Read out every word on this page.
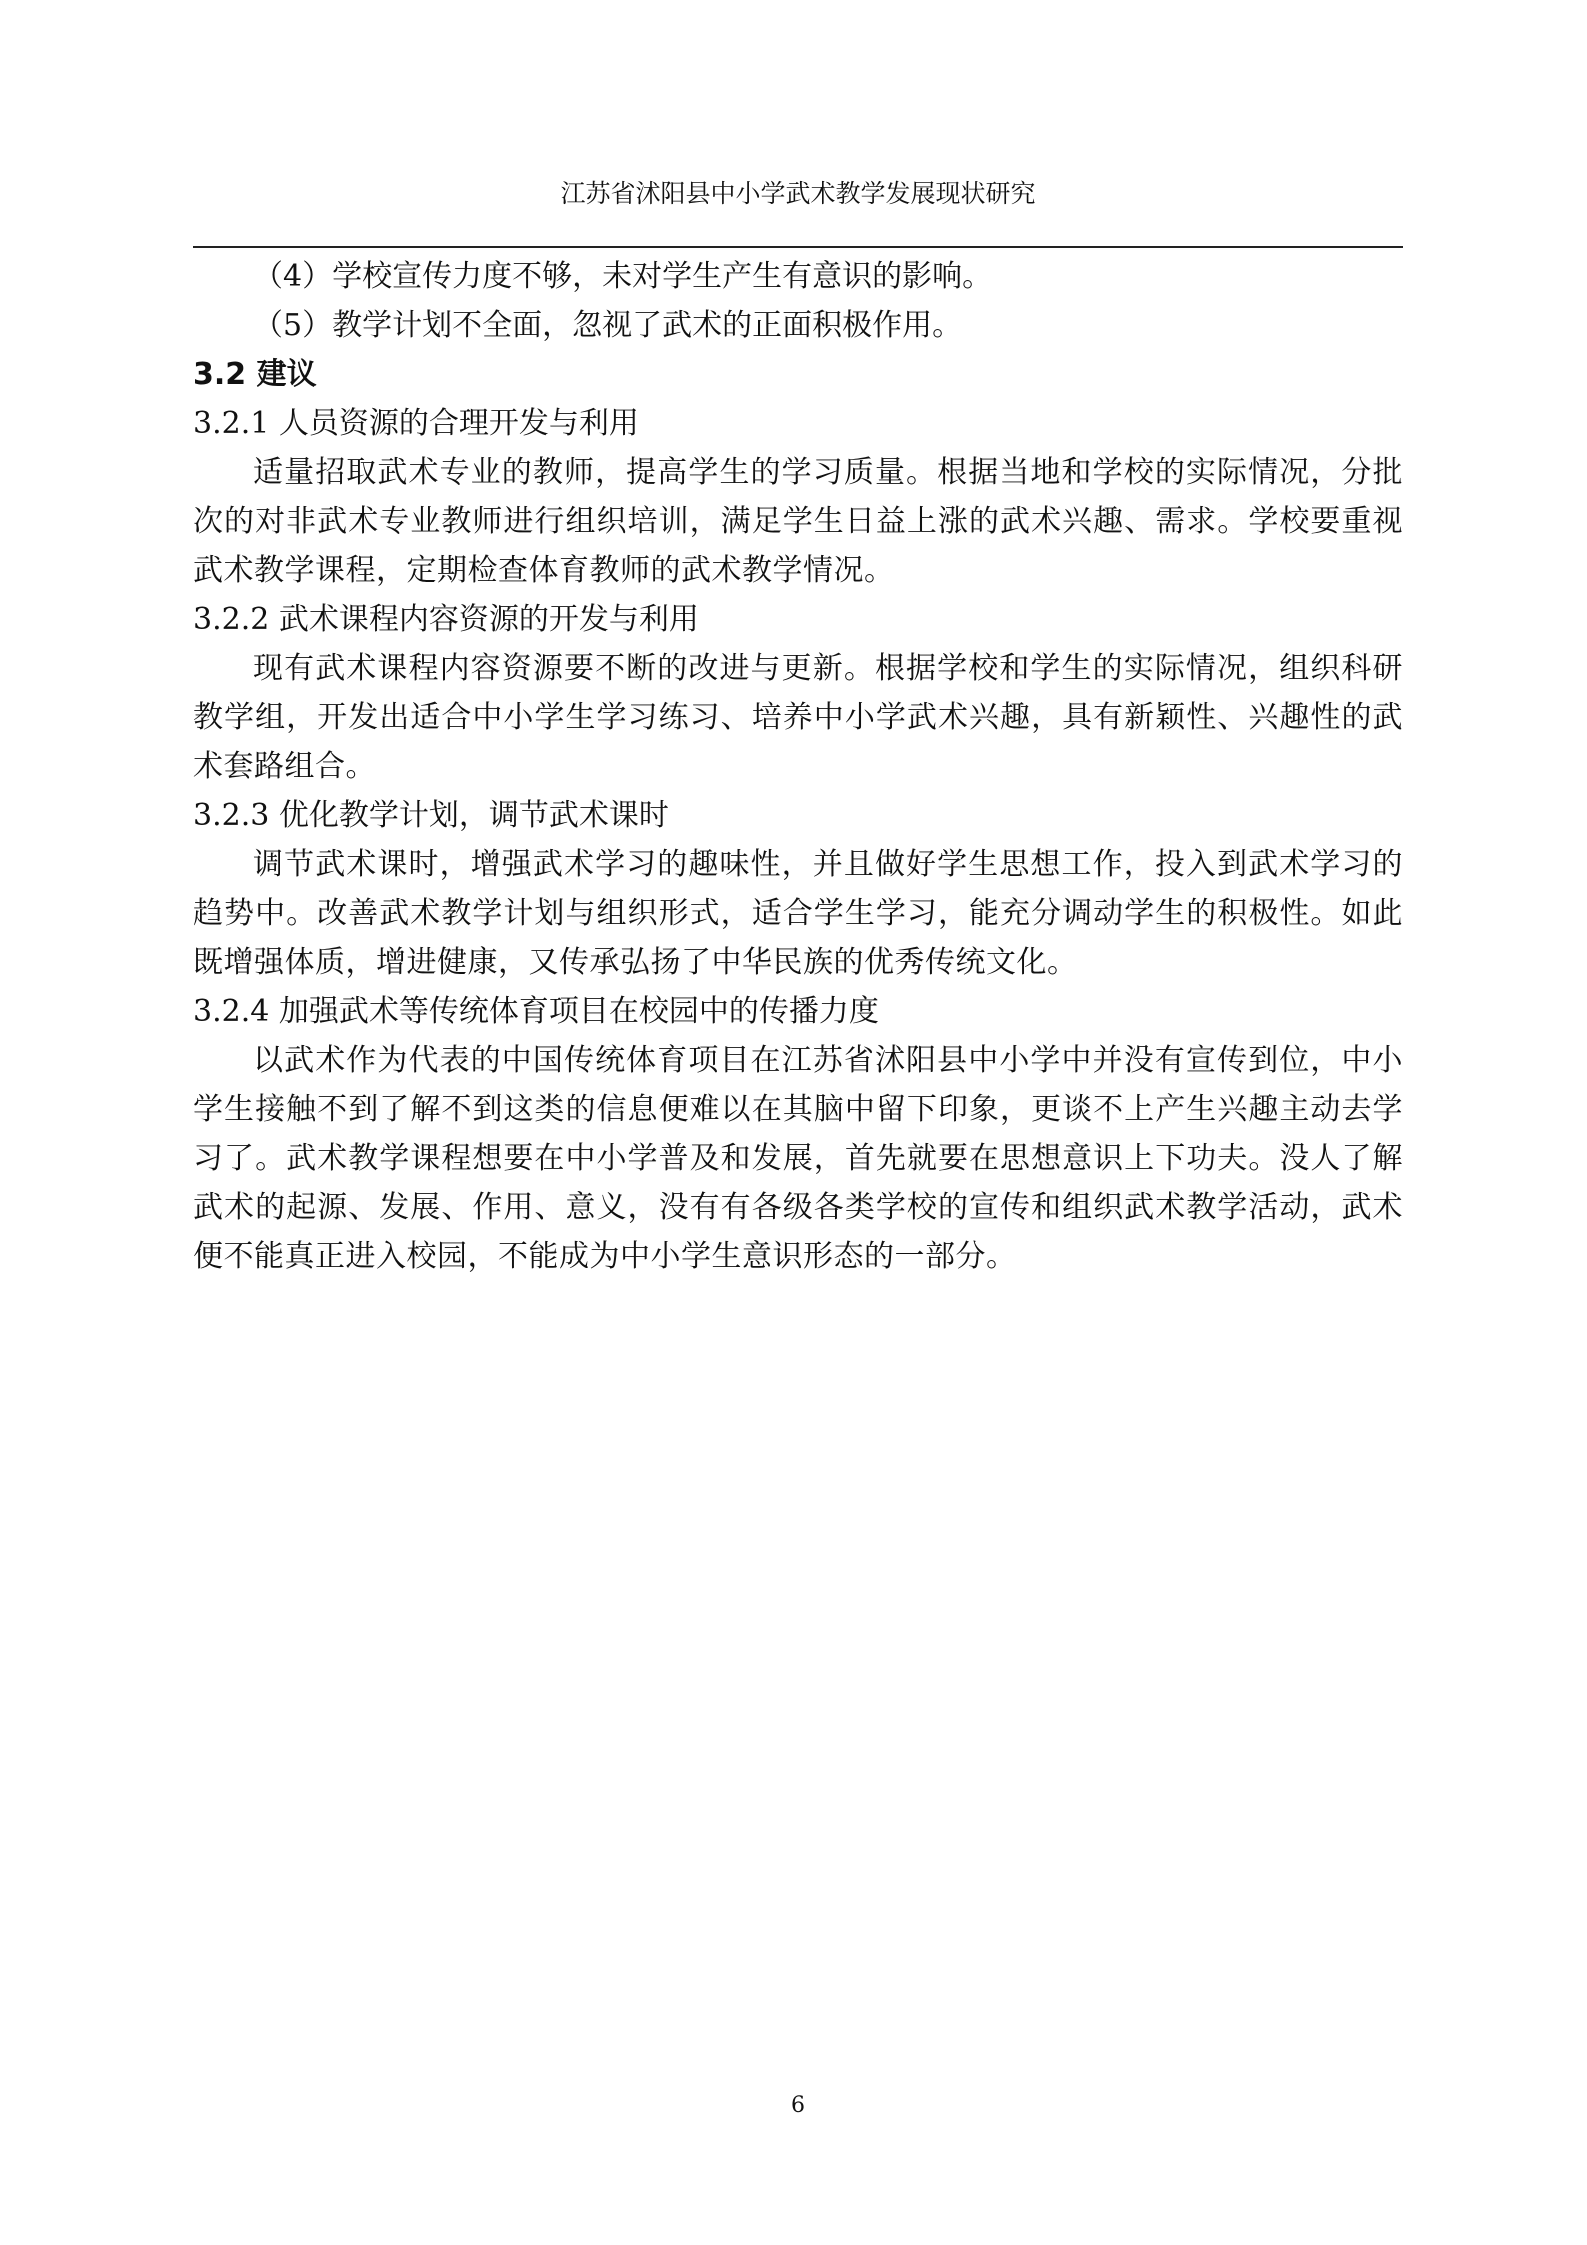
江苏省沭阳县中小学武术教学发展现状研究
（4）学校宣传力度不够，未对学生产生有意识的影响。
（5）教学计划不全面，忽视了武术的正面积极作用。
3.2 建议
3.2.1 人员资源的合理开发与利用
适量招取武术专业的教师，提高学生的学习质量。根据当地和学校的实际情况，分批次的对非武术专业教师进行组织培训，满足学生日益上涨的武术兴趣、需求。学校要重视武术教学课程，定期检查体育教师的武术教学情况。
3.2.2 武术课程内容资源的开发与利用
现有武术课程内容资源要不断的改进与更新。根据学校和学生的实际情况，组织科研教学组，开发出适合中小学生学习练习、培养中小学武术兴趣，具有新颖性、兴趣性的武术套路组合。
3.2.3 优化教学计划，调节武术课时
调节武术课时，增强武术学习的趣味性，并且做好学生思想工作，投入到武术学习的趋势中。改善武术教学计划与组织形式，适合学生学习，能充分调动学生的积极性。如此既增强体质，增进健康，又传承弘扬了中华民族的优秀传统文化。
3.2.4 加强武术等传统体育项目在校园中的传播力度
以武术作为代表的中国传统体育项目在江苏省沭阳县中小学中并没有宣传到位，中小学生接触不到了解不到这类的信息便难以在其脑中留下印象，更谈不上产生兴趣主动去学习了。武术教学课程想要在中小学普及和发展，首先就要在思想意识上下功夫。没人了解武术的起源、发展、作用、意义，没有有各级各类学校的宣传和组织武术教学活动，武术便不能真正进入校园，不能成为中小学生意识形态的一部分。
6
